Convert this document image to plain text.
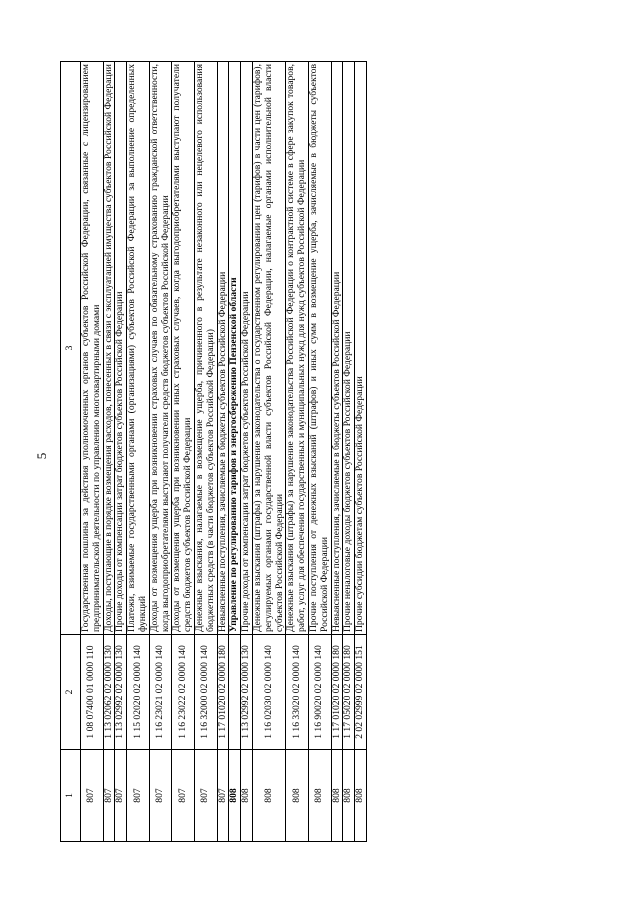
5
1	2	3
807	1 08 07400 01 0000 110	Государственная пошлина за действия уполномоченных органов субъектов Российской Федерации, связанные с лицензированием предпринимательской деятельности по управлению многоквартирными домами
807	1 13 02062 02 0000 130	Доходы, поступающие в порядке возмещения расходов, понесенных в связи с эксплуатацией имущества субъектов Российской Федерации
807	1 13 02992 02 0000 130	Прочие доходы от компенсации затрат бюджетов субъектов Российской Федерации
807	1 15 02020 02 0000 140	Платежи, взимаемые государственными органами (организациями) субъектов Российской Федерации за выполнение определенных функций
807	1 16 23021 02 0000 140	Доходы от возмещения ущерба при возникновении страховых случаев по обязательному страхованию гражданской ответственности, когда выгодоприобретателями выступают получатели средств бюджетов субъектов Российской Федерации
807	1 16 23022 02 0000 140	Доходы от возмещения ущерба при возникновении иных страховых случаев, когда выгодоприобретателями выступают получатели средств бюджетов субъектов Российской Федерации
807	1 16 32000 02 0000 140	Денежные взыскания, налагаемые в возмещение ущерба, причиненного в результате незаконного или нецелевого использования бюджетных средств (в части бюджетов субъектов Российской Федерации)
807	1 17 01020 02 0000 180	Невыясненные поступления, зачисляемые в бюджеты субъектов Российской Федерации
808		Управление по регулированию тарифов и энергосбережению Пензенской области
808	1 13 02992 02 0000 130	Прочие доходы от компенсации затрат бюджетов субъектов Российской Федерации
808	1 16 02030 02 0000 140	Денежные взыскания (штрафы) за нарушение законодательства о государственном регулировании цен (тарифов) в части цен (тарифов), регулируемых органами государственной власти субъектов Российской Федерации, налагаемые органами исполнительной власти субъектов Российской Федерации
808	1 16 33020 02 0000 140	Денежные взыскания (штрафы) за нарушение законодательства Российской Федерации о контрактной системе в сфере закупок товаров, работ, услуг для обеспечения государственных и муниципальных нужд для нужд субъектов Российской Федерации
808	1 16 90020 02 0000 140	Прочие поступления от денежных взысканий (штрафов) и иных сумм в возмещение ущерба, зачисляемые в бюджеты субъектов Российской Федерации
808	1 17 01020 02 0000 180	Невыясненные поступления, зачисляемые в бюджеты субъектов Российской Федерации
808	1 17 05020 02 0000 180	Прочие неналоговые доходы бюджетов субъектов Российской Федерации
808	2 02 02999 02 0000 151	Прочие субсидии бюджетам субъектов Российской Федерации
